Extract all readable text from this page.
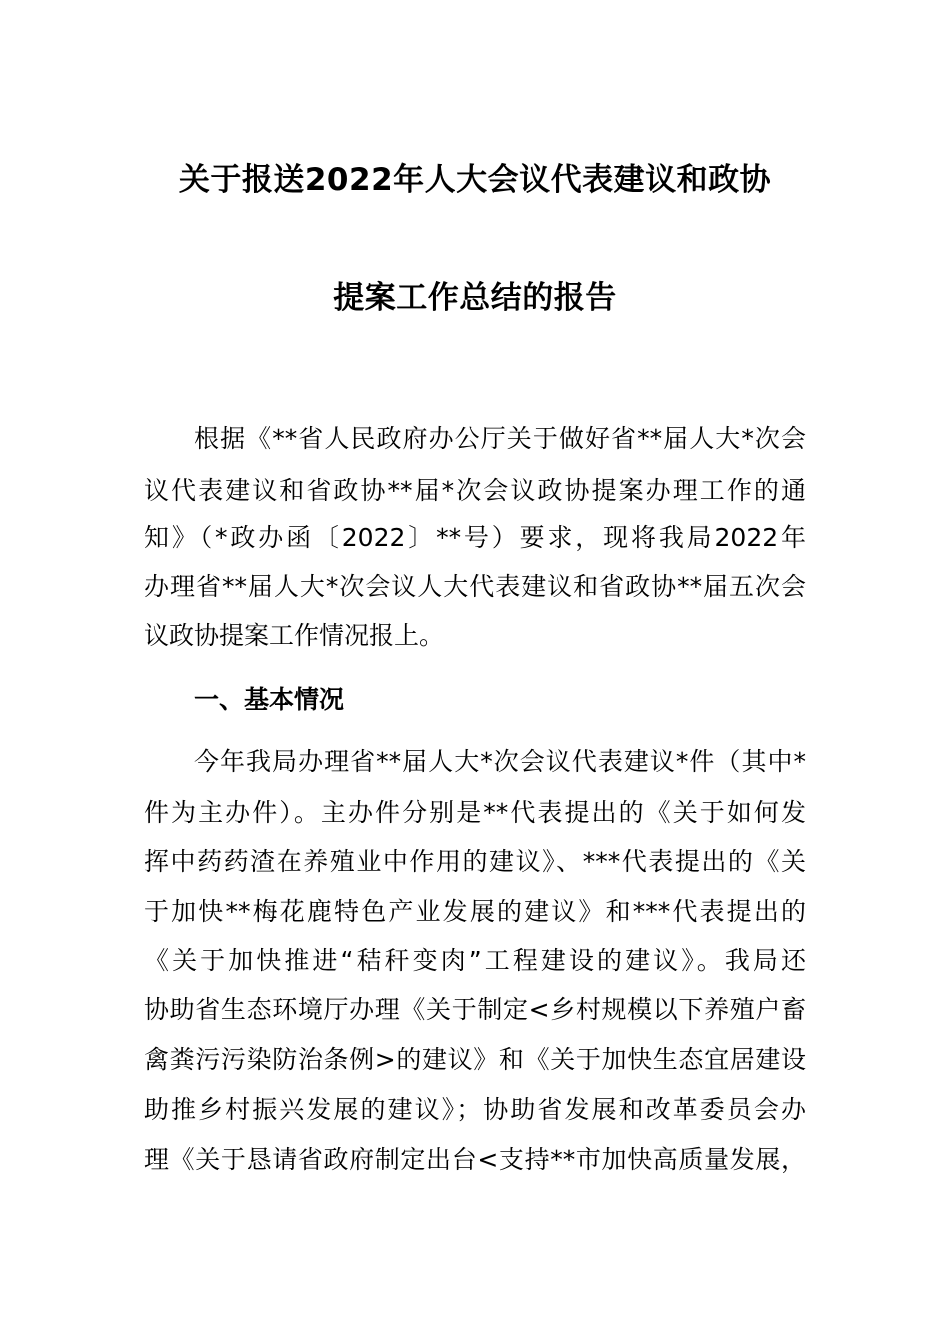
关于报送2022年人大会议代表建议和政协
提案工作总结的报告
根据《**省人民政府办公厅关于做好省**届人大*次会
议代表建议和省政协**届*次会议政协提案办理工作的通
知》（*政办函〔2022〕**号）要求，现将我局2022年
办理省**届人大*次会议人大代表建议和省政协**届五次会
议政协提案工作情况报上。
一、基本情况
今年我局办理省**届人大*次会议代表建议*件（其中*
件为主办件）。主办件分别是**代表提出的《关于如何发
挥中药药渣在养殖业中作用的建议》、***代表提出的《关
于加快**梅花鹿特色产业发展的建议》和***代表提出的
《关于加快推进“秸秆变肉”工程建设的建议》。我局还
协助省生态环境厅办理《关于制定<乡村规模以下养殖户畜
禽粪污污染防治条例>的建议》和《关于加快生态宜居建设
助推乡村振兴发展的建议》；协助省发展和改革委员会办
理《关于恳请省政府制定出台<支持**市加快高质量发展，
